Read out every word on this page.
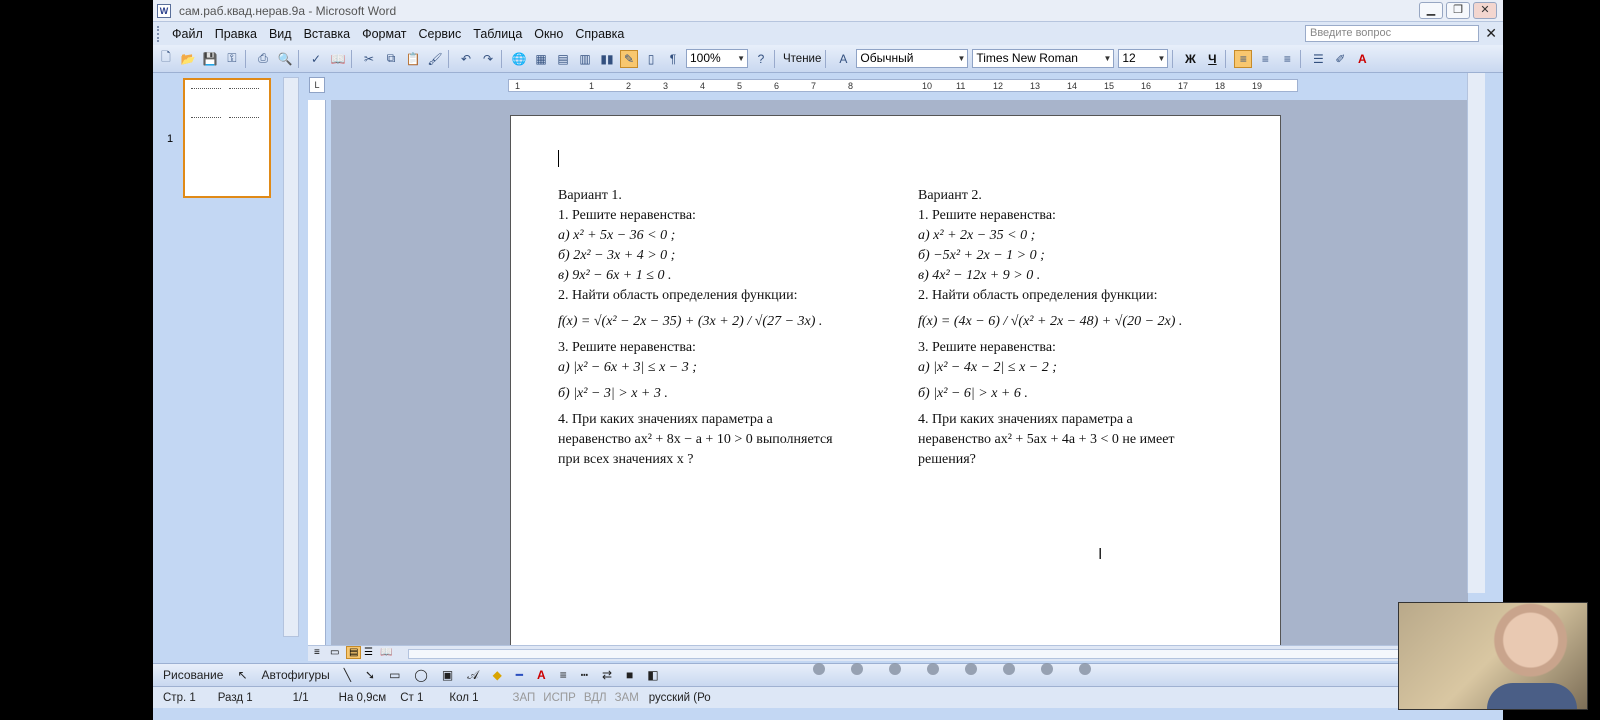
W сам.раб.квад.нерав.9а - Microsoft Word	▁	❐	✕
Файл Правка Вид Вставка Формат Сервис Таблица Окно Справка	Введите вопрос	✕
🗋 📂 💾 ⚿	⎙ 🔍	✓ 📖	✂	⧉ 📋 🖌	↶ ↷	🌐 ▦ ▤ ▥ ▮▮ ✎	▯	¶	100% ▼	?	Чтение	A	Обычный	▼ Times New Roman	▼ 12	▼ Ж	Ч	≡	≡	≡	☰ ✐	A
L	1	1	2	3	4	5	6	7	8	10	11	12	13	14	15	16	17	18	19
1
Вариант 1.
1. Решите неравенства:
а) x² + 5x − 36 < 0 ;
б) 2x² − 3x + 4 > 0 ;
в) 9x² − 6x + 1 ≤ 0 .
2. Найти область определения функции:
f(x) = √(x² − 2x − 35) + (3x + 2) / √(27 − 3x) .
3. Решите неравенства:
а) |x² − 6x + 3| ≤ x − 3 ;
б) |x² − 3| > x + 3 .
4. При каких значениях параметра a
неравенство ax² + 8x − a + 10 > 0 выполняется
при всех значениях x ?
Вариант 2.
1. Решите неравенства:
а) x² + 2x − 35 < 0 ;
б) −5x² + 2x − 1 > 0 ;
в) 4x² − 12x + 9 > 0 .
2. Найти область определения функции:
f(x) = (4x − 6) / √(x² + 2x − 48) + √(20 − 2x) .
3. Решите неравенства:
а) |x² − 4x − 2| ≤ x − 2 ;
б) |x² − 6| > x + 6 .
4. При каких значениях параметра a
неравенство ax² + 5ax + 4a + 3 < 0 не имеет
решения?
I
≡ ▭ ▤ ☰ 📖
Рисование ↖ Автофигуры ╲ ➘ ▭ ◯ ▣ 𝒜 ◆ ━ A ≡ ┅ ⇄ ■ ◧
Стр. 1 Разд 1	1/1	На 0,9см Ст 1 Кол 1	ЗАП ИСПР ВДЛ ЗАМ русский (Ро
